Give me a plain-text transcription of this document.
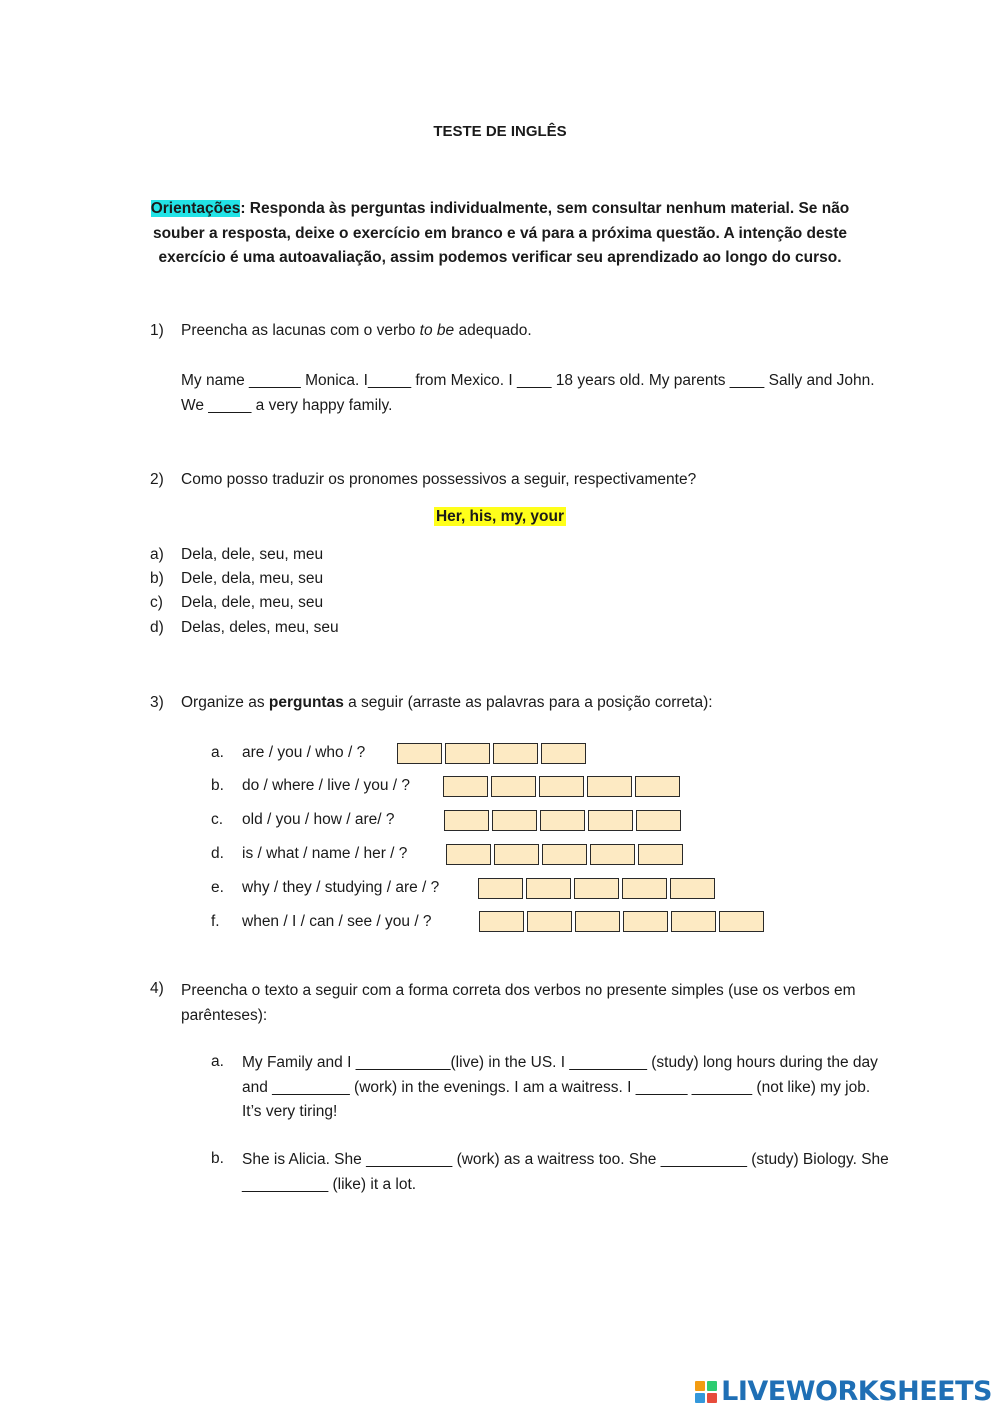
TESTE DE INGLÊS
Orientações: Responda às perguntas individualmente, sem consultar nenhum material. Se não souber a resposta, deixe o exercício em branco e vá para a próxima questão. A intenção deste exercício é uma autoavaliação, assim podemos verificar seu aprendizado ao longo do curso.
1) Preencha as lacunas com o verbo to be adequado.
My name ______ Monica. I_____ from Mexico. I ____ 18 years old. My parents ____ Sally and John. We _____ a very happy family.
2) Como posso traduzir os pronomes possessivos a seguir, respectivamente?
Her, his, my, your
a) Dela, dele, seu, meu
b) Dele, dela, meu, seu
c) Dela, dele, meu, seu
d) Delas, deles, meu, seu
3) Organize as perguntas a seguir (arraste as palavras para a posição correta):
a. are / you / who / ?
b. do / where / live / you / ?
c. old / you / how / are/ ?
d. is / what / name / her / ?
e. why / they / studying / are / ?
f. when / I / can / see / you / ?
4) Preencha o texto a seguir com a forma correta dos verbos no presente simples (use os verbos em parênteses):
a. My Family and I ___________(live) in the US. I _________ (study) long hours during the day and _________ (work) in the evenings. I am a waitress. I ______ _______ (not like) my job. It’s very tiring!
b. She is Alicia. She __________ (work) as a waitress too. She __________ (study) Biology. She __________ (like) it a lot.
LIVEWORKSHEETS
